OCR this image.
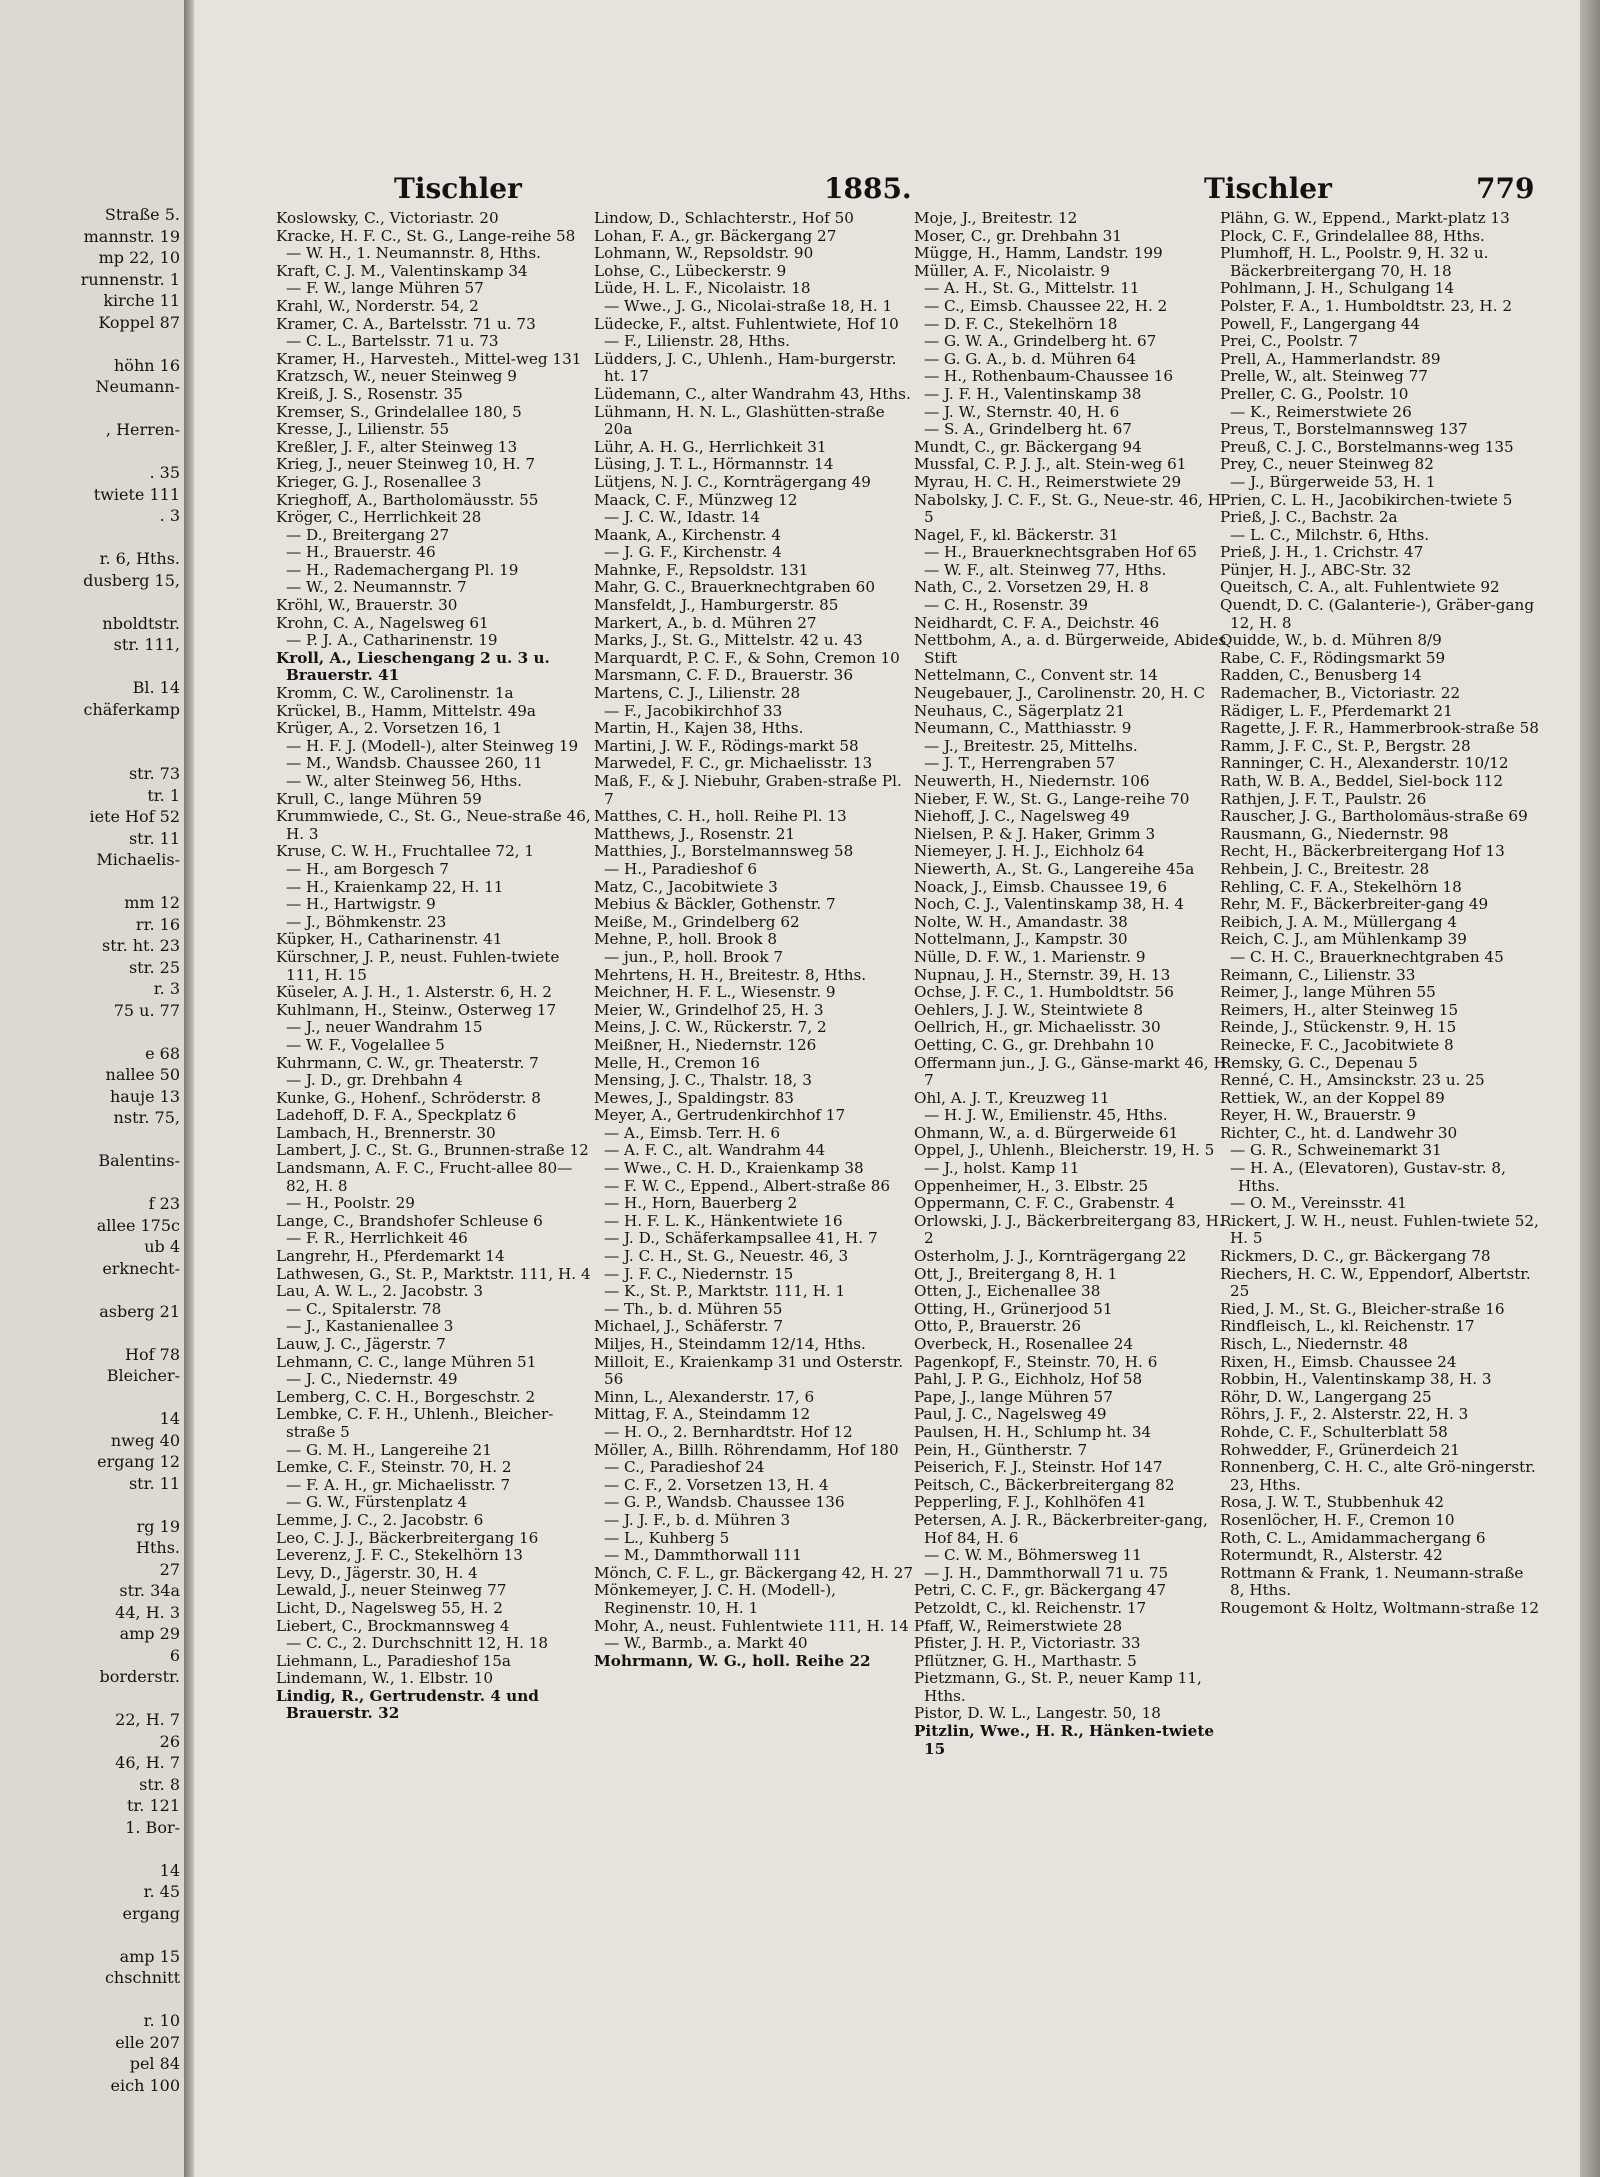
Straße 5.
mannstr. 19
mp 22, 10
runnenstr. 1
kirche 11
Koppel 87
höhn 16
Neumann-
, Herren-
. 35
twiete 111
. 3
r. 6, Hths.
dusberg 15,
nboldtstr.
str. 111,
Bl. 14
chäferkamp
str. 73
tr. 1
iete Hof 52
str. 11
Michaelis-
mm 12
rr. 16
str. ht. 23
str. 25
r. 3
75 u. 77
e 68
nallee 50
hauje 13
nstr. 75,
Balentins-
f 23
allee 175c
ub 4
erknecht-
asberg 21
Hof 78
Bleicher-
14
nweg 40
ergang 12
str. 11
rg 19
Hths.
27
str. 34a
44, H. 3
amp 29
6
borderstr.
22, H. 7
26
46, H. 7
str. 8
tr. 121
1. Bor-
14
r. 45
ergang
amp 15
chschnitt
r. 10
elle 207
pel 84
eich 100
Tischler	1885.	Tischler	779

Koslowsky, C., Victoriastr. 20

Kracke, H. F. C., St. G., Lange-reihe 58

— W. H., 1. Neumannstr. 8, Hths.

Kraft, C. J. M., Valentinskamp 34

— F. W., lange Mühren 57

Krahl, W., Norderstr. 54, 2

Kramer, C. A., Bartelsstr. 71 u. 73

— C. L., Bartelsstr. 71 u. 73

Kramer, H., Harvesteh., Mittel-weg 131

Kratzsch, W., neuer Steinweg 9

Kreiß, J. S., Rosenstr. 35

Kremser, S., Grindelallee 180, 5

Kresse, J., Lilienstr. 55

Kreßler, J. F., alter Steinweg 13

Krieg, J., neuer Steinweg 10, H. 7

Krieger, G. J., Rosenallee 3

Krieghoff, A., Bartholomäusstr. 55

Kröger, C., Herrlichkeit 28

— D., Breitergang 27

— H., Brauerstr. 46

— H., Rademachergang Pl. 19

— W., 2. Neumannstr. 7

Kröhl, W., Brauerstr. 30

Krohn, C. A., Nagelsweg 61

— P. J. A., Catharinenstr. 19

Kroll, A., Lieschengang 2 u. 3 u. Brauerstr. 41

Kromm, C. W., Carolinenstr. 1a

Krückel, B., Hamm, Mittelstr. 49a

Krüger, A., 2. Vorsetzen 16, 1

— H. F. J. (Modell-), alter Steinweg 19

— M., Wandsb. Chaussee 260, 11

— W., alter Steinweg 56, Hths.

Krull, C., lange Mühren 59

Krummwiede, C., St. G., Neue-straße 46, H. 3

Kruse, C. W. H., Fruchtallee 72, 1

— H., am Borgesch 7

— H., Kraienkamp 22, H. 11

— H., Hartwigstr. 9

— J., Böhmkenstr. 23

Küpker, H., Catharinenstr. 41

Kürschner, J. P., neust. Fuhlen-twiete 111, H. 15

Küseler, A. J. H., 1. Alsterstr. 6, H. 2

Kuhlmann, H., Steinw., Osterweg 17

— J., neuer Wandrahm 15

— W. F., Vogelallee 5

Kuhrmann, C. W., gr. Theaterstr. 7

— J. D., gr. Drehbahn 4

Kunke, G., Hohenf., Schröderstr. 8

Ladehoff, D. F. A., Speckplatz 6

Lambach, H., Brennerstr. 30

Lambert, J. C., St. G., Brunnen-straße 12

Landsmann, A. F. C., Frucht-allee 80—82, H. 8

— H., Poolstr. 29

Lange, C., Brandshofer Schleuse 6

— F. R., Herrlichkeit 46

Langrehr, H., Pferdemarkt 14

Lathwesen, G., St. P., Marktstr. 111, H. 4

Lau, A. W. L., 2. Jacobstr. 3

— C., Spitalerstr. 78

— J., Kastanienallee 3

Lauw, J. C., Jägerstr. 7

Lehmann, C. C., lange Mühren 51

— J. C., Niedernstr. 49

Lemberg, C. C. H., Borgeschstr. 2

Lembke, C. F. H., Uhlenh., Bleicher-straße 5

— G. M. H., Langereihe 21

Lemke, C. F., Steinstr. 70, H. 2

— F. A. H., gr. Michaelisstr. 7

— G. W., Fürstenplatz 4

Lemme, J. C., 2. Jacobstr. 6

Leo, C. J. J., Bäckerbreitergang 16

Leverenz, J. F. C., Stekelhörn 13

Levy, D., Jägerstr. 30, H. 4

Lewald, J., neuer Steinweg 77

Licht, D., Nagelsweg 55, H. 2

Liebert, C., Brockmannsweg 4

— C. C., 2. Durchschnitt 12, H. 18

Liehmann, L., Paradieshof 15a

Lindemann, W., 1. Elbstr. 10

Lindig, R., Gertrudenstr. 4 und Brauerstr. 32

Lindow, D., Schlachterstr., Hof 50

Lohan, F. A., gr. Bäckergang 27

Lohmann, W., Repsoldstr. 90

Lohse, C., Lübeckerstr. 9

Lüde, H. L. F., Nicolaistr. 18

— Wwe., J. G., Nicolai-straße 18, H. 1

Lüdecke, F., altst. Fuhlentwiete, Hof 10

— F., Lilienstr. 28, Hths.

Lüdders, J. C., Uhlenh., Ham-burgerstr. ht. 17

Lüdemann, C., alter Wandrahm 43, Hths.

Lühmann, H. N. L., Glashütten-straße 20a

Lühr, A. H. G., Herrlichkeit 31

Lüsing, J. T. L., Hörmannstr. 14

Lütjens, N. J. C., Kornträgergang 49

Maack, C. F., Münzweg 12

— J. C. W., Idastr. 14

Maank, A., Kirchenstr. 4

— J. G. F., Kirchenstr. 4

Mahnke, F., Repsoldstr. 131

Mahr, G. C., Brauerknechtgraben 60

Mansfeldt, J., Hamburgerstr. 85

Markert, A., b. d. Mühren 27

Marks, J., St. G., Mittelstr. 42 u. 43

Marquardt, P. C. F., & Sohn, Cremon 10

Marsmann, C. F. D., Brauerstr. 36

Martens, C. J., Lilienstr. 28

— F., Jacobikirchhof 33

Martin, H., Kajen 38, Hths.

Martini, J. W. F., Rödings-markt 58

Marwedel, F. C., gr. Michaelisstr. 13

Maß, F., & J. Niebuhr, Graben-straße Pl. 7

Matthes, C. H., holl. Reihe Pl. 13

Matthews, J., Rosenstr. 21

Matthies, J., Borstelmannsweg 58

— H., Paradieshof 6

Matz, C., Jacobitwiete 3

Mebius & Bäckler, Gothenstr. 7

Meiße, M., Grindelberg 62

Mehne, P., holl. Brook 8

— jun., P., holl. Brook 7

Mehrtens, H. H., Breitestr. 8, Hths.

Meichner, H. F. L., Wiesenstr. 9

Meier, W., Grindelhof 25, H. 3

Meins, J. C. W., Rückerstr. 7, 2

Meißner, H., Niedernstr. 126

Melle, H., Cremon 16

Mensing, J. C., Thalstr. 18, 3

Mewes, J., Spaldingstr. 83

Meyer, A., Gertrudenkirchhof 17

— A., Eimsb. Terr. H. 6

— A. F. C., alt. Wandrahm 44

— Wwe., C. H. D., Kraienkamp 38

— F. W. C., Eppend., Albert-straße 86

— H., Horn, Bauerberg 2

— H. F. L. K., Hänkentwiete 16

— J. D., Schäferkampsallee 41, H. 7

— J. C. H., St. G., Neuestr. 46, 3

— J. F. C., Niedernstr. 15

— K., St. P., Marktstr. 111, H. 1

— Th., b. d. Mühren 55

Michael, J., Schäferstr. 7

Miljes, H., Steindamm 12/14, Hths.

Milloit, E., Kraienkamp 31 und Osterstr. 56

Minn, L., Alexanderstr. 17, 6

Mittag, F. A., Steindamm 12

— H. O., 2. Bernhardtstr. Hof 12

Möller, A., Billh. Röhrendamm, Hof 180

— C., Paradieshof 24

— C. F., 2. Vorsetzen 13, H. 4

— G. P., Wandsb. Chaussee 136

— J. J. F., b. d. Mühren 3

— L., Kuhberg 5

— M., Dammthorwall 111

Mönch, C. F. L., gr. Bäckergang 42, H. 27

Mönkemeyer, J. C. H. (Modell-), Reginenstr. 10, H. 1

Mohr, A., neust. Fuhlentwiete 111, H. 14

— W., Barmb., a. Markt 40

Mohrmann, W. G., holl. Reihe 22

Moje, J., Breitestr. 12

Moser, C., gr. Drehbahn 31

Mügge, H., Hamm, Landstr. 199

Müller, A. F., Nicolaistr. 9

— A. H., St. G., Mittelstr. 11

— C., Eimsb. Chaussee 22, H. 2

— D. F. C., Stekelhörn 18

— G. W. A., Grindelberg ht. 67

— G. G. A., b. d. Mühren 64

— H., Rothenbaum-Chaussee 16

— J. F. H., Valentinskamp 38

— J. W., Sternstr. 40, H. 6

— S. A., Grindelberg ht. 67

Mundt, C., gr. Bäckergang 94

Mussfal, C. P. J. J., alt. Stein-weg 61

Myrau, H. C. H., Reimerstwiete 29

Nabolsky, J. C. F., St. G., Neue-str. 46, H. 5

Nagel, F., kl. Bäckerstr. 31

— H., Brauerknechtsgraben Hof 65

— W. F., alt. Steinweg 77, Hths.

Nath, C., 2. Vorsetzen 29, H. 8

— C. H., Rosenstr. 39

Neidhardt, C. F. A., Deichstr. 46

Nettbohm, A., a. d. Bürgerweide, Abides Stift

Nettelmann, C., Convent str. 14

Neugebauer, J., Carolinenstr. 20, H. C

Neuhaus, C., Sägerplatz 21

Neumann, C., Matthiasstr. 9

— J., Breitestr. 25, Mittelhs.

— J. T., Herrengraben 57

Neuwerth, H., Niedernstr. 106

Nieber, F. W., St. G., Lange-reihe 70

Niehoff, J. C., Nagelsweg 49

Nielsen, P. & J. Haker, Grimm 3

Niemeyer, J. H. J., Eichholz 64

Niewerth, A., St. G., Langereihe 45a

Noack, J., Eimsb. Chaussee 19, 6

Noch, C. J., Valentinskamp 38, H. 4

Nolte, W. H., Amandastr. 38

Nottelmann, J., Kampstr. 30

Nülle, D. F. W., 1. Marienstr. 9

Nupnau, J. H., Sternstr. 39, H. 13

Ochse, J. F. C., 1. Humboldtstr. 56

Oehlers, J. J. W., Steintwiete 8

Oellrich, H., gr. Michaelisstr. 30

Oetting, C. G., gr. Drehbahn 10

Offermann jun., J. G., Gänse-markt 46, H. 7

Ohl, A. J. T., Kreuzweg 11

— H. J. W., Emilienstr. 45, Hths.

Ohmann, W., a. d. Bürgerweide 61

Oppel, J., Uhlenh., Bleicherstr. 19, H. 5

— J., holst. Kamp 11

Oppenheimer, H., 3. Elbstr. 25

Oppermann, C. F. C., Grabenstr. 4

Orlowski, J. J., Bäckerbreitergang 83, H. 2

Osterholm, J. J., Kornträgergang 22

Ott, J., Breitergang 8, H. 1

Otten, J., Eichenallee 38

Otting, H., Grünerjood 51

Otto, P., Brauerstr. 26

Overbeck, H., Rosenallee 24

Pagenkopf, F., Steinstr. 70, H. 6

Pahl, J. P. G., Eichholz, Hof 58

Pape, J., lange Mühren 57

Paul, J. C., Nagelsweg 49

Paulsen, H. H., Schlump ht. 34

Pein, H., Güntherstr. 7

Peiserich, F. J., Steinstr. Hof 147

Peitsch, C., Bäckerbreitergang 82

Pepperling, F. J., Kohlhöfen 41

Petersen, A. J. R., Bäckerbreiter-gang, Hof 84, H. 6

— C. W. M., Böhmersweg 11

— J. H., Dammthorwall 71 u. 75

Petri, C. C. F., gr. Bäckergang 47

Petzoldt, C., kl. Reichenstr. 17

Pfaff, W., Reimerstwiete 28

Pfister, J. H. P., Victoriastr. 33

Pflützner, G. H., Marthastr. 5

Pietzmann, G., St. P., neuer Kamp 11, Hths.

Pistor, D. W. L., Langestr. 50, 18

Pitzlin, Wwe., H. R., Hänken-twiete 15

Plähn, G. W., Eppend., Markt-platz 13

Plock, C. F., Grindelallee 88, Hths.

Plumhoff, H. L., Poolstr. 9, H. 32 u. Bäckerbreitergang 70, H. 18

Pohlmann, J. H., Schulgang 14

Polster, F. A., 1. Humboldtstr. 23, H. 2

Powell, F., Langergang 44

Prei, C., Poolstr. 7

Prell, A., Hammerlandstr. 89

Prelle, W., alt. Steinweg 77

Preller, C. G., Poolstr. 10

— K., Reimerstwiete 26

Preus, T., Borstelmannsweg 137

Preuß, C. J. C., Borstelmanns-weg 135

Prey, C., neuer Steinweg 82

— J., Bürgerweide 53, H. 1

Prien, C. L. H., Jacobikirchen-twiete 5

Prieß, J. C., Bachstr. 2a

— L. C., Milchstr. 6, Hths.

Prieß, J. H., 1. Crichstr. 47

Pünjer, H. J., ABC-Str. 32

Queitsch, C. A., alt. Fuhlentwiete 92

Quendt, D. C. (Galanterie-), Gräber-gang 12, H. 8

Quidde, W., b. d. Mühren 8/9

Rabe, C. F., Rödingsmarkt 59

Radden, C., Benusberg 14

Rademacher, B., Victoriastr. 22

Rädiger, L. F., Pferdemarkt 21

Ragette, J. F. R., Hammerbrook-straße 58

Ramm, J. F. C., St. P., Bergstr. 28

Ranninger, C. H., Alexanderstr. 10/12

Rath, W. B. A., Beddel, Siel-bock 112

Rathjen, J. F. T., Paulstr. 26

Rauscher, J. G., Bartholomäus-straße 69

Rausmann, G., Niedernstr. 98

Recht, H., Bäckerbreitergang Hof 13

Rehbein, J. C., Breitestr. 28

Rehling, C. F. A., Stekelhörn 18

Rehr, M. F., Bäckerbreiter-gang 49

Reibich, J. A. M., Müllergang 4

Reich, C. J., am Mühlenkamp 39

— C. H. C., Brauerknechtgraben 45

Reimann, C., Lilienstr. 33

Reimer, J., lange Mühren 55

Reimers, H., alter Steinweg 15

Reinde, J., Stückenstr. 9, H. 15

Reinecke, F. C., Jacobitwiete 8

Remsky, G. C., Depenau 5

Renné, C. H., Amsinckstr. 23 u. 25

Rettiek, W., an der Koppel 89

Reyer, H. W., Brauerstr. 9

Richter, C., ht. d. Landwehr 30

— G. R., Schweinemarkt 31

— H. A., (Elevatoren), Gustav-str. 8, Hths.

— O. M., Vereinsstr. 41

Rickert, J. W. H., neust. Fuhlen-twiete 52, H. 5

Rickmers, D. C., gr. Bäckergang 78

Riechers, H. C. W., Eppendorf, Albertstr. 25

Ried, J. M., St. G., Bleicher-straße 16

Rindfleisch, L., kl. Reichenstr. 17

Risch, L., Niedernstr. 48

Rixen, H., Eimsb. Chaussee 24

Robbin, H., Valentinskamp 38, H. 3

Röhr, D. W., Langergang 25

Röhrs, J. F., 2. Alsterstr. 22, H. 3

Rohde, C. F., Schulterblatt 58

Rohwedder, F., Grünerdeich 21

Ronnenberg, C. H. C., alte Grö-ningerstr. 23, Hths.

Rosa, J. W. T., Stubbenhuk 42

Rosenlöcher, H. F., Cremon 10

Roth, C. L., Amidammachergang 6

Rotermundt, R., Alsterstr. 42

Rottmann & Frank, 1. Neumann-straße 8, Hths.

Rougemont & Holtz, Woltmann-straße 12
